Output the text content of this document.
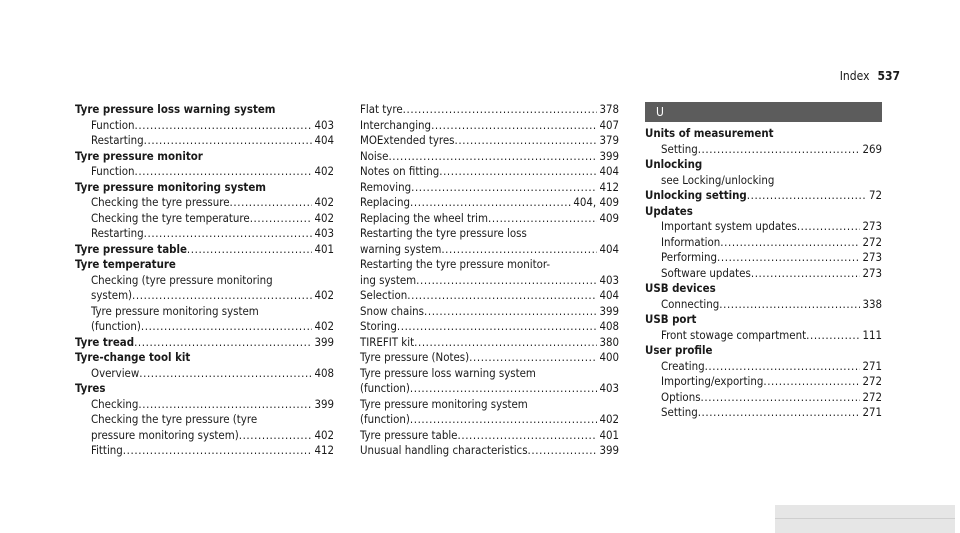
Index 537
Tyre pressure loss warning system
Function .....	403
Restarting .....	404
Tyre pressure monitor
Function .....	402
Tyre pressure monitoring system
Checking the tyre pressure .....	402
Checking the tyre temperature .....	402
Restarting .....	403
Tyre pressure table .....	401
Tyre temperature
Checking (tyre pressure monitoring
system) .....	402
Tyre pressure monitoring system
(function) .....	402
Tyre tread .....	399
Tyre-change tool kit
Overview .....	408
Tyres
Checking .....	399
Checking the tyre pressure (tyre
pressure monitoring system) .....	402
Fitting .....	412
Flat tyre .....	378
Interchanging .....	407
MOExtended tyres .....	379
Noise .....	399
Notes on fitting .....	404
Removing .....	412
Replacing .....	404, 409
Replacing the wheel trim .....	409
Restarting the tyre pressure loss
warning system .....	404
Restarting the tyre pressure monitor-
ing system .....	403
Selection .....	404
Snow chains .....	399
Storing .....	408
TIREFIT kit .....	380
Tyre pressure (Notes) .....	400
Tyre pressure loss warning system
(function) .....	403
Tyre pressure monitoring system
(function) .....	402
Tyre pressure table .....	401
Unusual handling characteristics .....	399
U
Units of measurement
Setting .....	269
Unlocking
see Locking/unlocking
Unlocking setting .....	72
Updates
Important system updates .....	273
Information .....	272
Performing .....	273
Software updates .....	273
USB devices
Connecting .....	338
USB port
Front stowage compartment .....	111
User profile
Creating .....	271
Importing/exporting .....	272
Options .....	272
Setting .....	271
